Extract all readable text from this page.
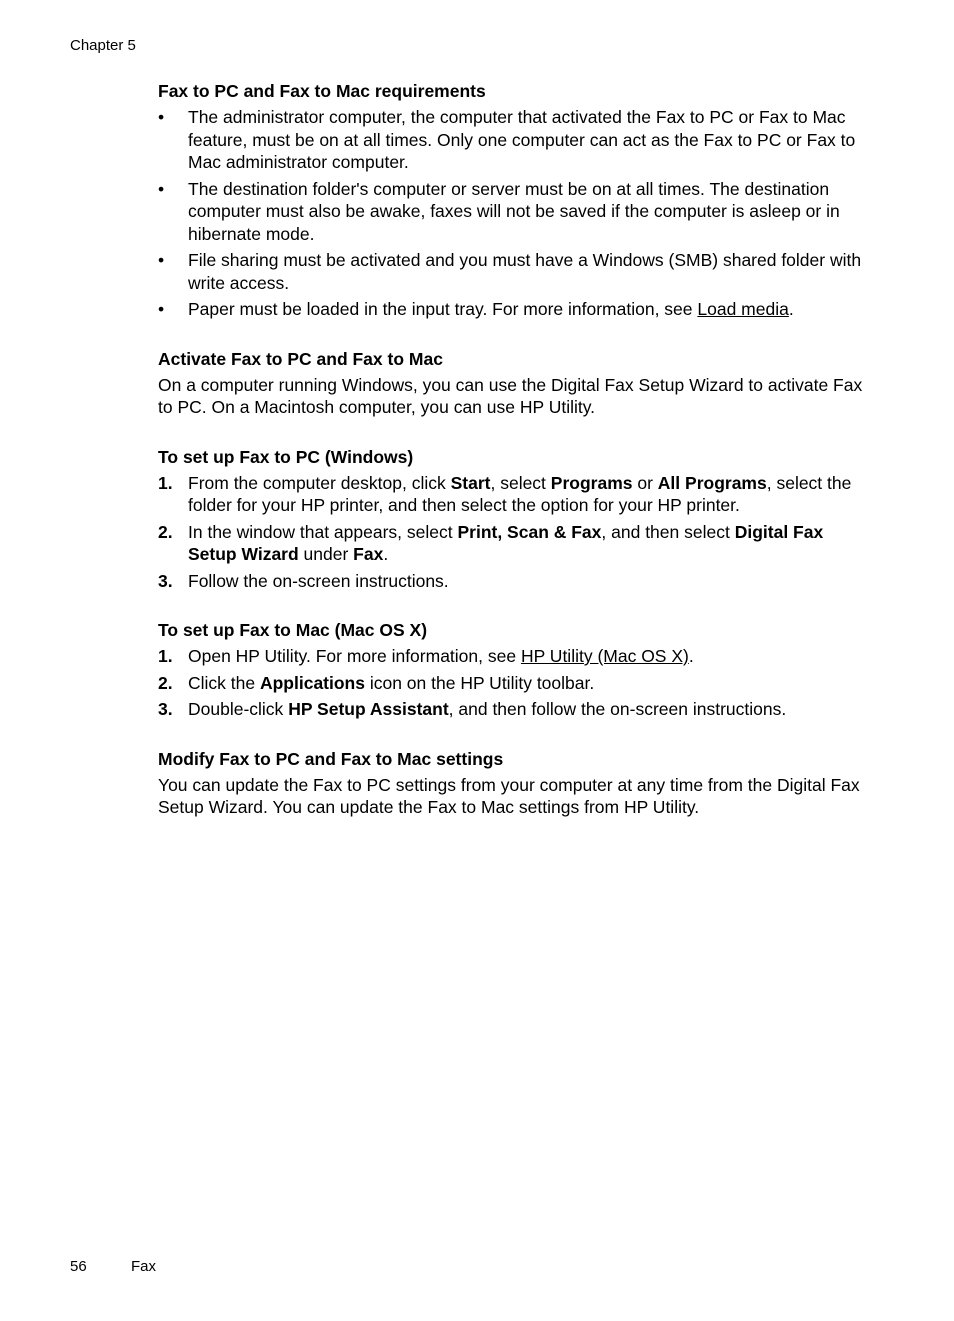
Chapter 5
Fax to PC and Fax to Mac requirements
•	The administrator computer, the computer that activated the Fax to PC or Fax to Mac feature, must be on at all times. Only one computer can act as the Fax to PC or Fax to Mac administrator computer.
•	The destination folder's computer or server must be on at all times. The destination computer must also be awake, faxes will not be saved if the computer is asleep or in hibernate mode.
•	File sharing must be activated and you must have a Windows (SMB) shared folder with write access.
•	Paper must be loaded in the input tray. For more information, see Load media.
Activate Fax to PC and Fax to Mac

On a computer running Windows, you can use the Digital Fax Setup Wizard to activate Fax to PC. On a Macintosh computer, you can use HP Utility.

To set up Fax to PC (Windows)
1. From the computer desktop, click Start, select Programs or All Programs, select the folder for your HP printer, and then select the option for your HP printer.
2. In the window that appears, select Print, Scan & Fax, and then select Digital Fax Setup Wizard under Fax.
3. Follow the on-screen instructions.
To set up Fax to Mac (Mac OS X)
1. Open HP Utility. For more information, see HP Utility (Mac OS X).
2. Click the Applications icon on the HP Utility toolbar.
3. Double-click HP Setup Assistant, and then follow the on-screen instructions.
Modify Fax to PC and Fax to Mac settings

You can update the Fax to PC settings from your computer at any time from the Digital Fax Setup Wizard. You can update the Fax to Mac settings from HP Utility.

56	Fax
